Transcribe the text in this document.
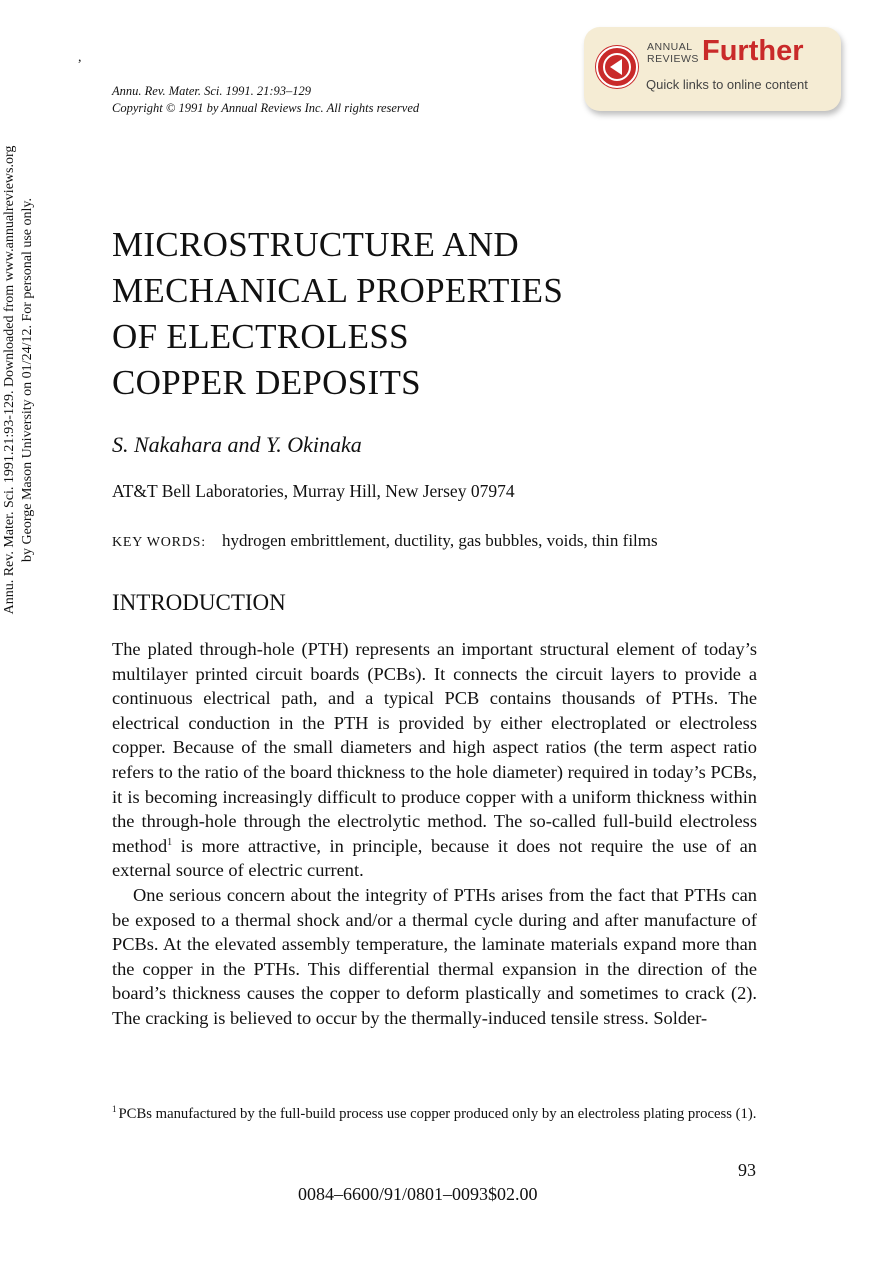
,
Annu. Rev. Mater. Sci. 1991. 21:93–129
Copyright © 1991 by Annual Reviews Inc. All rights reserved
ANNUAL
REVIEWS Further
Quick links to online content
Annu. Rev. Mater. Sci. 1991.21:93-129. Downloaded from www.annualreviews.org by George Mason University on 01/24/12. For personal use only. MICROSTRUCTURE AND
MECHANICAL PROPERTIES
OF ELECTROLESS
COPPER DEPOSITS
S. Nakahara and Y. Okinaka
AT&T Bell Laboratories, Murray Hill, New Jersey 07974
KEY WORDS: hydrogen embrittlement, ductility, gas bubbles, voids, thin films
INTRODUCTION

The plated through-hole (PTH) represents an important structural element of today’s multilayer printed circuit boards (PCBs). It connects the circuit layers to provide a continuous electrical path, and a typical PCB contains thousands of PTHs. The electrical conduction in the PTH is provided by either electroplated or electroless copper. Because of the small diameters and high aspect ratios (the term aspect ratio refers to the ratio of the board thickness to the hole diameter) required in today’s PCBs, it is becoming increasingly difficult to produce copper with a uniform thickness within the through-hole through the electrolytic method. The so-called full-build electroless method$^1$ is more attractive, in principle, because it does not require the use of an external source of electric current.

One serious concern about the integrity of PTHs arises from the fact that PTHs can be exposed to a thermal shock and/or a thermal cycle during and after manufacture of PCBs. At the elevated assembly temperature, the laminate materials expand more than the copper in the PTHs. This differential thermal expansion in the direction of the board’s thickness causes the copper to deform plastically and sometimes to crack (2). The cracking is believed to occur by the thermally-induced tensile stress. Solder-

$^1$ PCBs manufactured by the full-build process use copper produced only by an electroless plating process (1).
93
0084–6600/91/0801–0093$02.00
